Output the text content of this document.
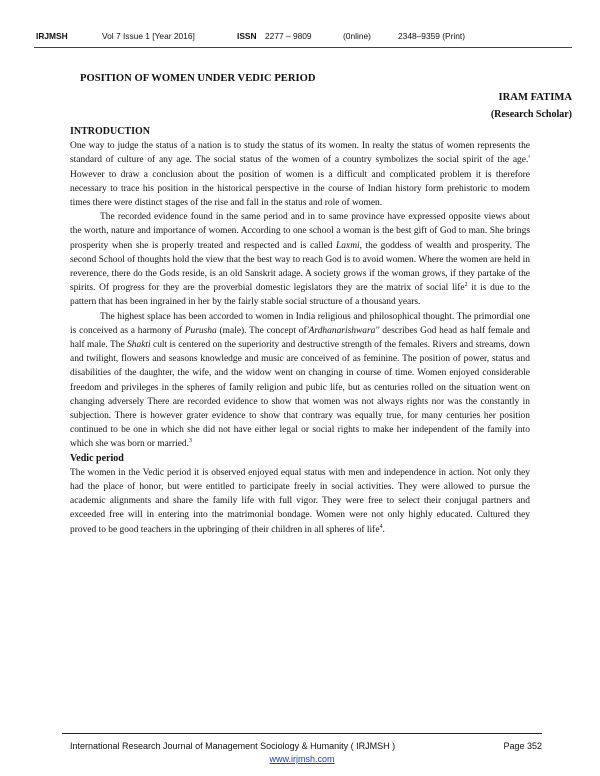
IRJMSH	Vol 7 Issue 1 [Year 2016]	ISSN 2277 – 9809	(0nline)	2348–9359 (Print)
POSITION OF WOMEN UNDER VEDIC PERIOD
IRAM FATIMA
(Research Scholar)
INTRODUCTION

One way to judge the status of a nation is to study the status of its women. In realty the status of women represents the standard of culture of any age. The social status of the women of a country symbolizes the social spirit of the age.' However to draw a conclusion about the position of women is a difficult and complicated problem it is therefore necessary to trace his position in the historical perspective in the course of Indian history form prehistoric to modem times there were distinct stages of the rise and fall in the status and role of women.

The recorded evidence found in the same period and in to same province have expressed opposite views about the worth, nature and importance of women. According to one school a woman is the best gift of God to man. She brings prosperity when she is properly treated and respected and is called Laxmi, the goddess of wealth and prosperity. The second School of thoughts hold the view that the best way to reach God is to avoid women. Where the women are held in reverence, there do the Gods reside, is an old Sanskrit adage. A society grows if the woman grows, if they partake of the spirits. Of progress for they are the proverbial domestic legislators they are the matrix of social life$^2$ it is due to the pattern that has been ingrained in her by the fairly stable social structure of a thousand years.

The highest splace has been accorded to women in India religious and philosophical thought. The primordial one is conceived as a harmony of Purusha (male). The concept of'Ardhanarishwara'' describes God head as half female and half male. The Shakti cult is centered on the superiority and destructive strength of the females. Rivers and streams, down and twilight, flowers and seasons knowledge and music are conceived of as feminine. The position of power, status and disabilities of the daughter, the wife, and the widow went on changing in course of time. Women enjoyed considerable freedom and privileges in the spheres of family religion and pubic life, but as centuries rolled on the situation went on changing adversely There are recorded evidence to show that women was not always rights nor was the constantly in subjection. There is however grater evidence to show that contrary was equally true, for many centuries her position continued to be one in which she did not have either legal or social rights to make her independent of the family into which she was born or married.$^3$

Vedic period

The women in the Vedic period it is observed enjoyed equal status with men and independence in action. Not only they had the place of honor, but were entitled to participate freely in social activities. They were allowed to pursue the academic alignments and share the family life with full vigor. They were free to select their conjugal partners and exceeded free will in entering into the matrimonial bondage. Women were not only highly educated. Cultured they proved to be good teachers in the upbringing of their children in all spheres of life$^4$.

International Research Journal of Management Sociology & Humanity ( IRJMSH )	Page 352
www.irjmsh.com
